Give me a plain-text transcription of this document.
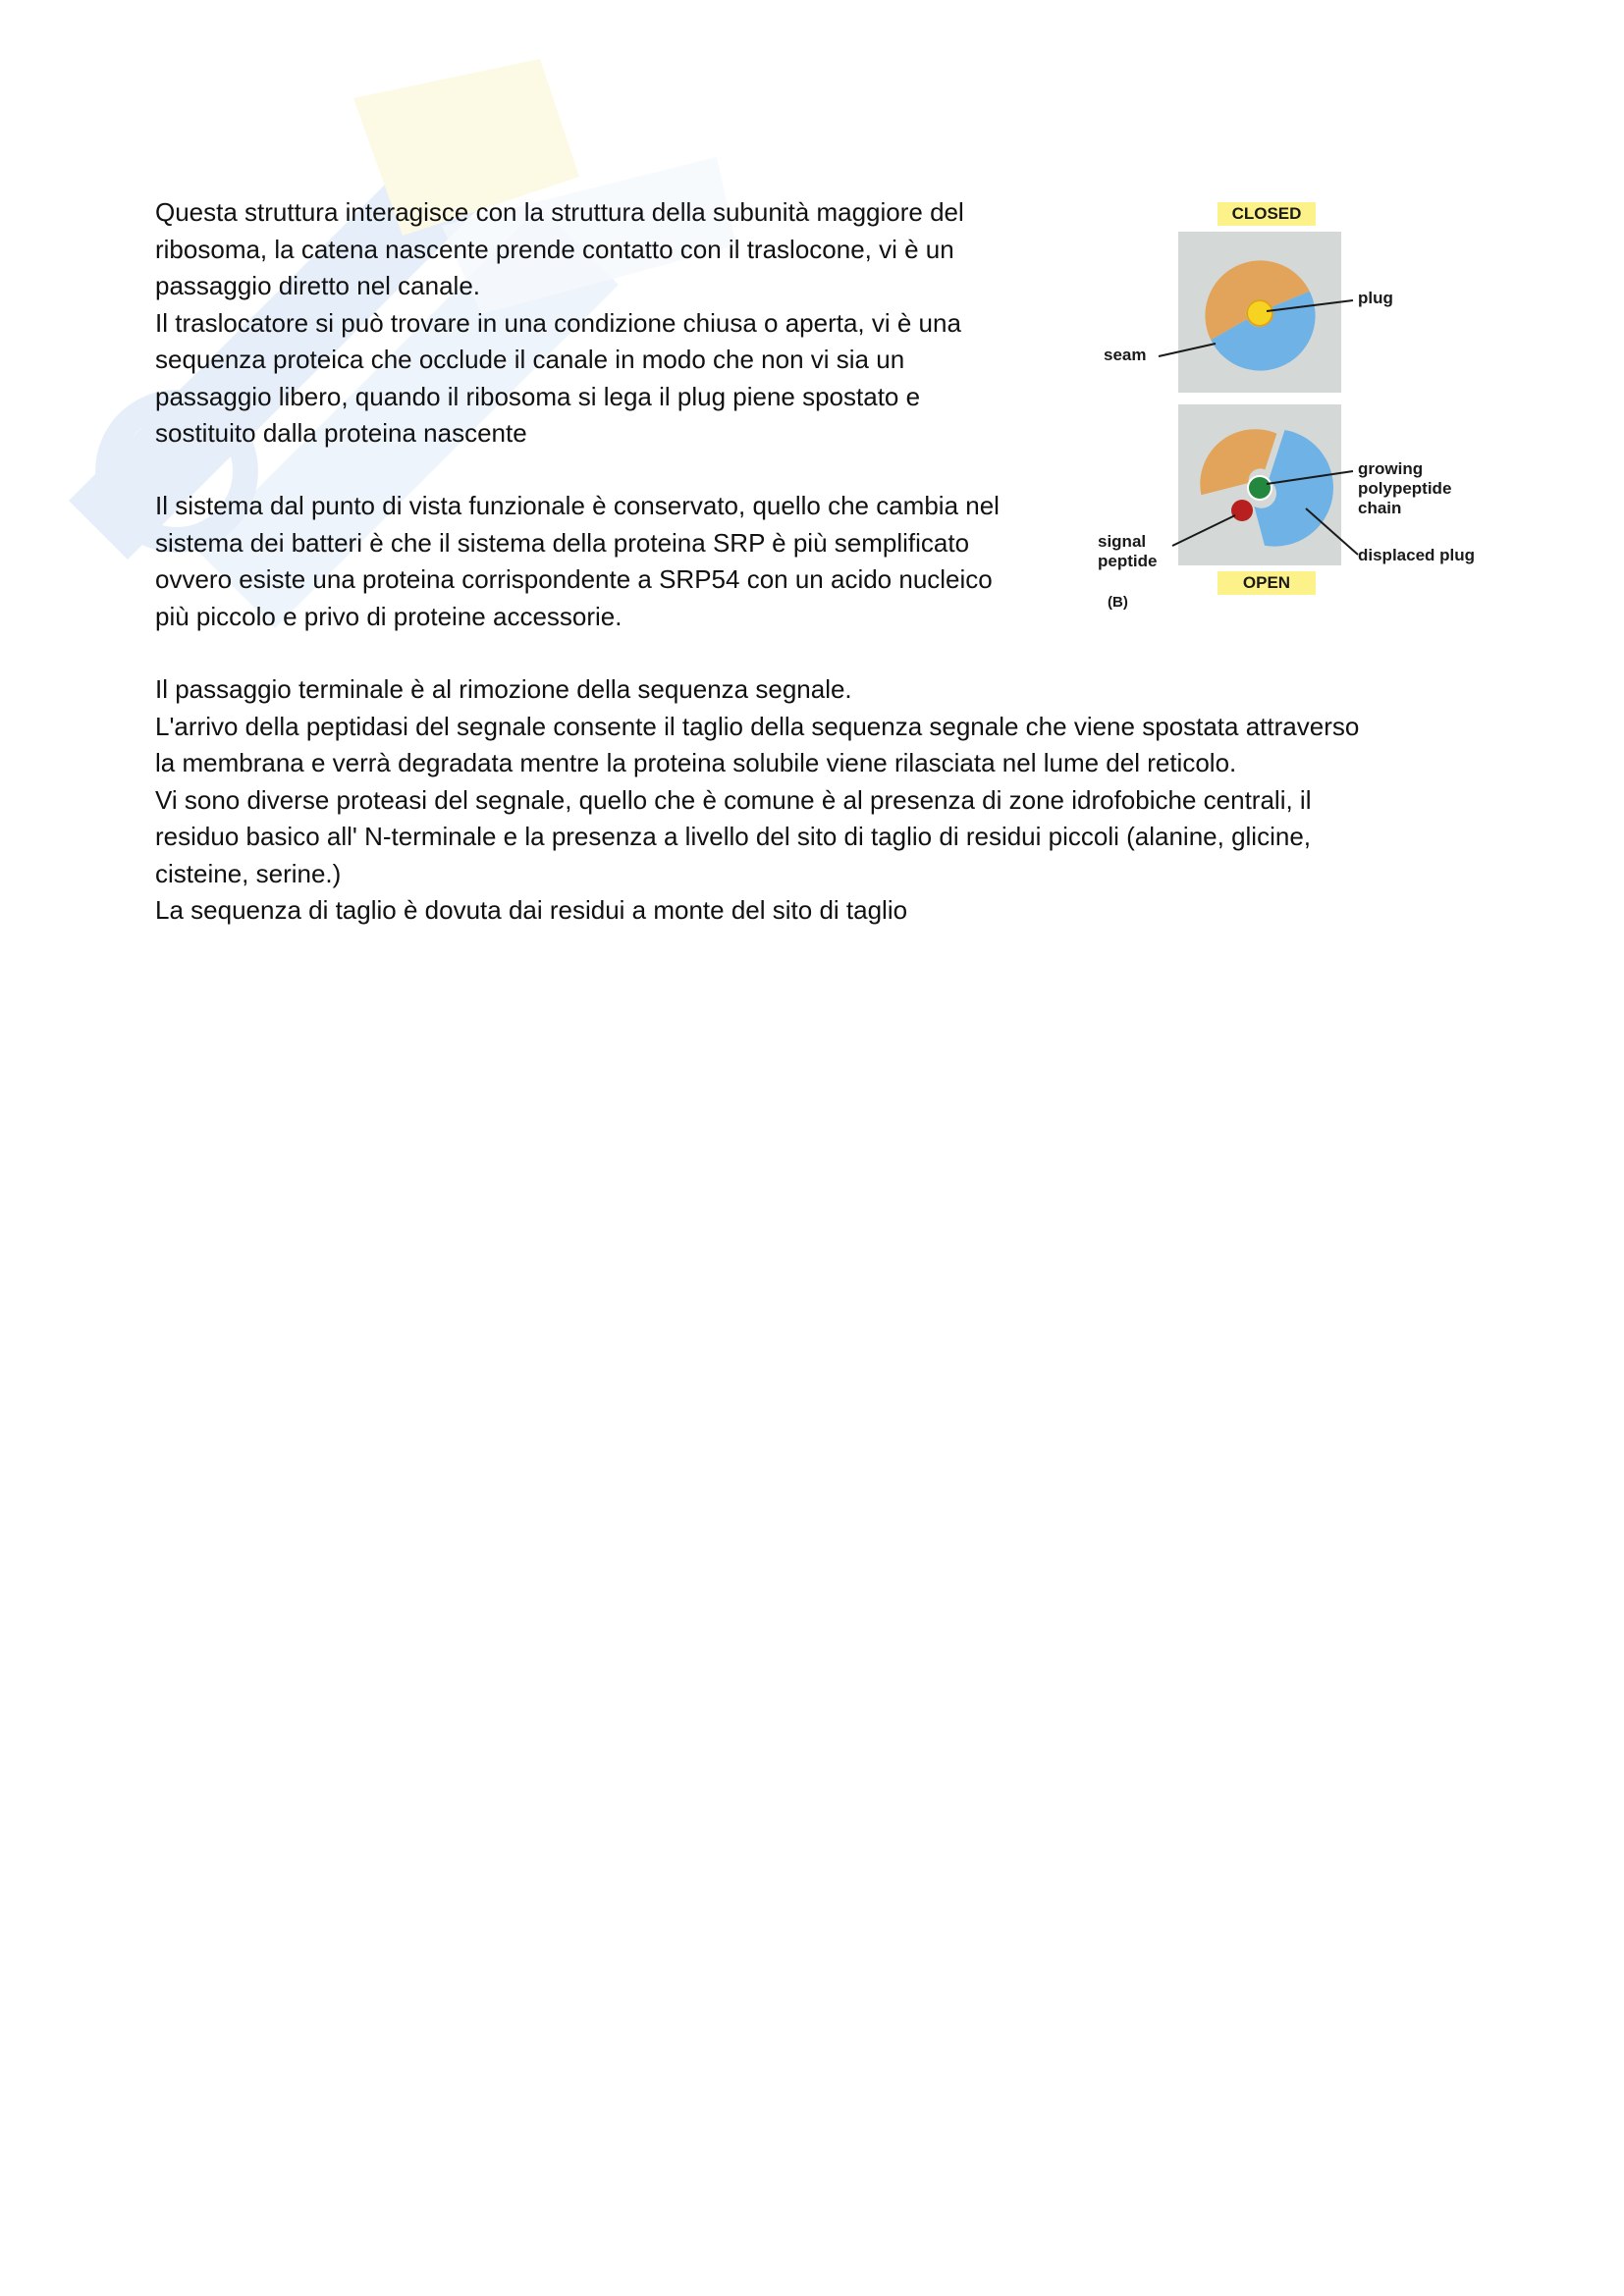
Questa struttura interagisce con la struttura della subunità maggiore del

ribosoma, la catena nascente prende contatto con il traslocone, vi è un

passaggio diretto nel canale.

Il traslocatore si può trovare in una condizione chiusa o aperta, vi è una

sequenza proteica che occlude il canale in modo che non vi sia un

passaggio libero, quando il ribosoma si lega il plug piene spostato e

sostituito dalla proteina nascente

Il sistema dal punto di vista funzionale è conservato, quello che cambia nel

sistema dei batteri è che il sistema della proteina SRP è più semplificato

ovvero esiste una proteina corrispondente a SRP54 con un acido nucleico

più piccolo e privo di proteine accessorie.

Il passaggio terminale è al rimozione della sequenza segnale.

L'arrivo della peptidasi del segnale consente il taglio della sequenza segnale che viene spostata attraverso

la membrana e verrà degradata mentre la proteina solubile viene rilasciata nel lume del reticolo.

Vi sono diverse proteasi del segnale, quello che è comune è al presenza di zone idrofobiche centrali, il

residuo basico all' N-terminale e la presenza a livello del sito di taglio di residui piccoli (alanine, glicine,

cisteine, serine.)

La sequenza di taglio è dovuta dai residui a monte del sito di taglio

CLOSED
OPEN

plug

seam

growing polypeptide chain

signal peptide	displaced plug

(B)
